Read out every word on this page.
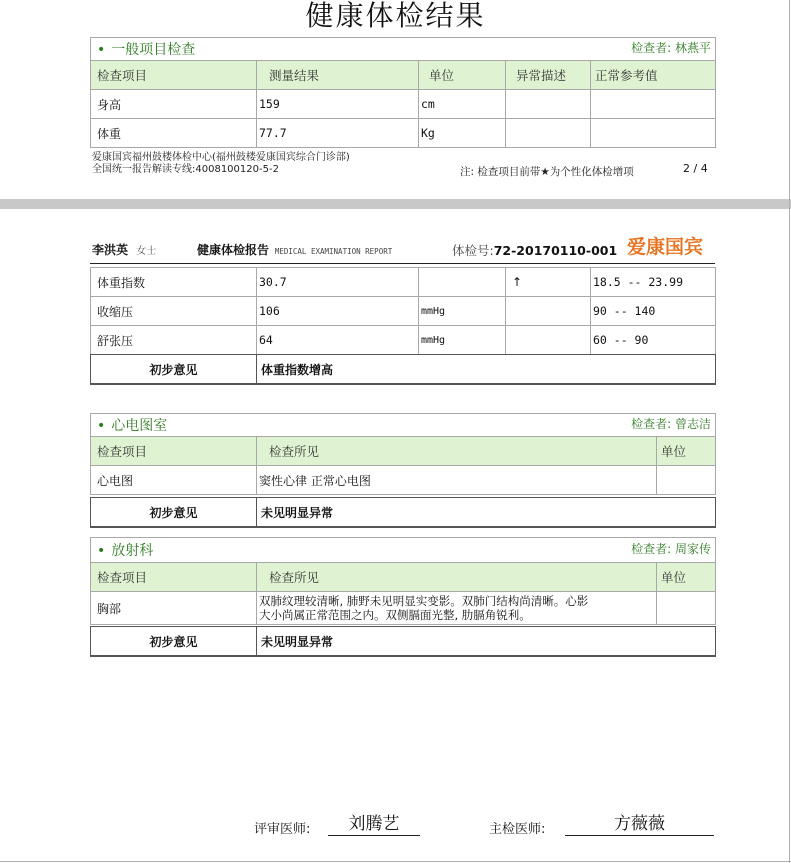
健康体检结果
• 一般项目检查 检查者: 林燕平				

检查项目	测量结果	单位	异常描述	正常参考值
身高	159	cm		
体重	77.7	Kg		
爱康国宾福州鼓楼体检中心(福州鼓楼爱康国宾综合门诊部)
全国统一报告解读专线:4008100120-5-2	注: 检查项目前带★为个性化体检增项	2 / 4
李洪英 女士	健康体检报告 MEDICAL EXAMINATION REPORT	体检号:72-20170110-001 爱康国宾
体重指数	30.7		↑	18.5 -- 23.99
收缩压	106	mmHg		90 -- 140
舒张压	64	mmHg		60 -- 90
初步意见	体重指数增高
• 心电图室 检查者: 曾志洁		

检查项目	检查所见	单位
心电图	窦性心律 正常心电图	
初步意见	未见明显异常
• 放射科 检查者: 周家传		

检查项目	检查所见	单位
胸部	双肺纹理较清晰, 肺野未见明显实变影。双肺门结构尚清晰。心影
大小尚属正常范围之内。双侧膈面光整, 肋膈角锐利。	

初步意见	未见明显异常
评审医师:	刘腾艺	主检医师:	方薇薇
